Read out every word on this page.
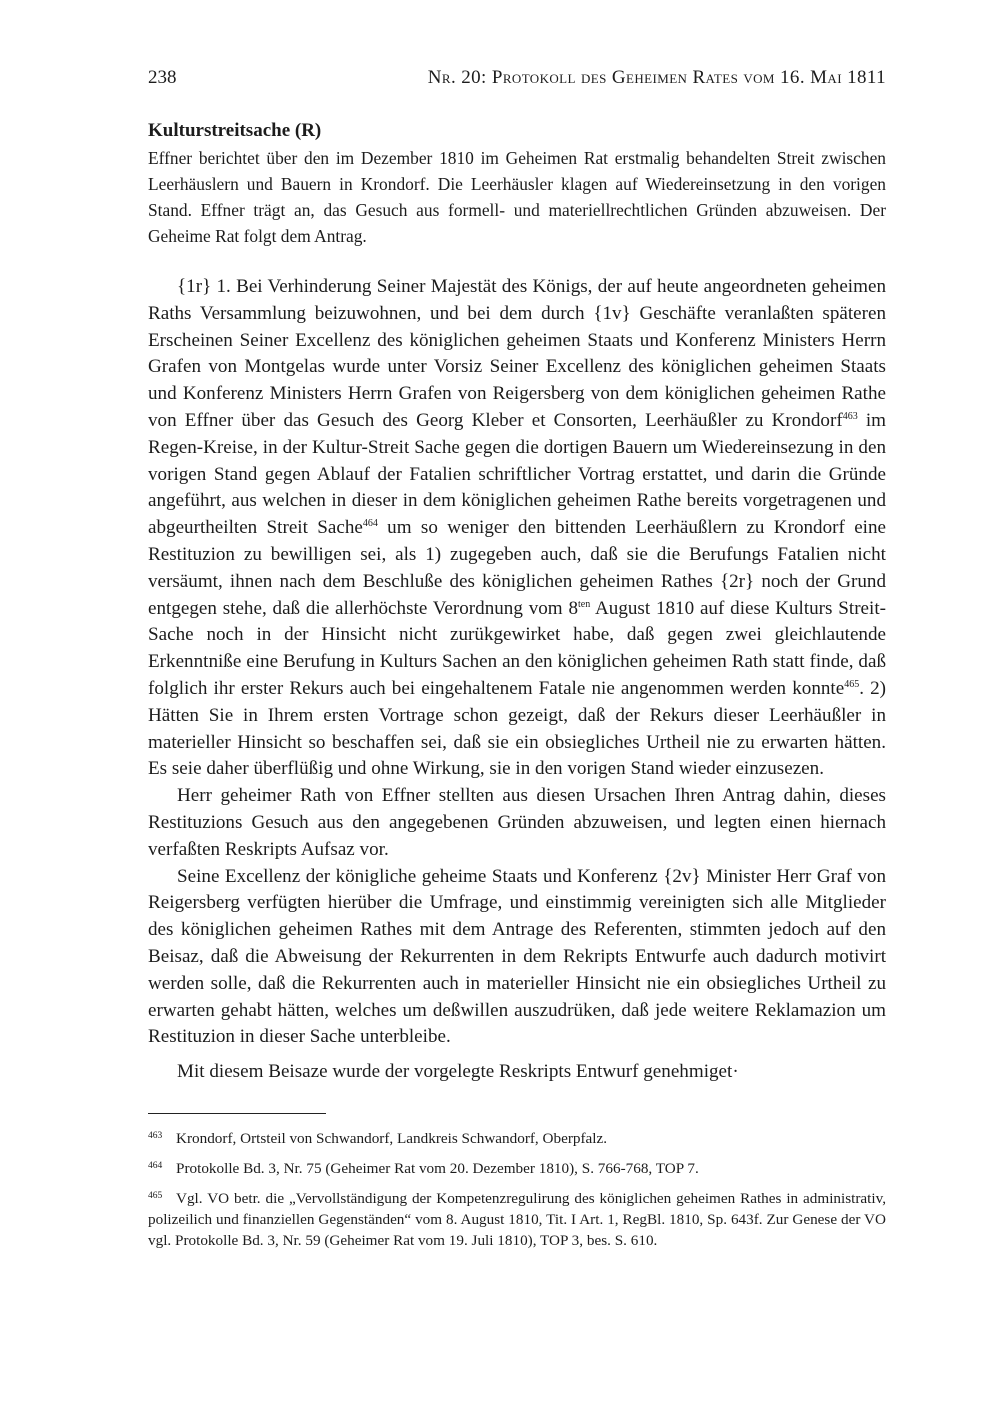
238	Nr. 20: Protokoll des Geheimen Rates vom 16. Mai 1811
Kulturstreitsache (R)

Effner berichtet über den im Dezember 1810 im Geheimen Rat erstmalig behandelten Streit zwischen Leerhäuslern und Bauern in Krondorf. Die Leerhäusler klagen auf Wiedereinsetzung in den vorigen Stand. Effner trägt an, das Gesuch aus formell- und materiellrechtlichen Gründen abzuweisen. Der Geheime Rat folgt dem Antrag.

{1r} 1. Bei Verhinderung Seiner Majestät des Königs, der auf heute angeordneten geheimen Raths Versammlung beizuwohnen, und bei dem durch {1v} Geschäfte veranlaßten späteren Erscheinen Seiner Excellenz des königlichen geheimen Staats und Konferenz Ministers Herrn Grafen von Montgelas wurde unter Vorsiz Seiner Excellenz des königlichen geheimen Staats und Konferenz Ministers Herrn Grafen von Reigersberg von dem königlichen geheimen Rathe von Effner über das Gesuch des Georg Kleber et Consorten, Leerhäußler zu Krondorf$^{463}$ im Regen-Kreise, in der Kultur-Streit Sache gegen die dortigen Bauern um Wiedereinsezung in den vorigen Stand gegen Ablauf der Fatalien schriftlicher Vortrag erstattet, und darin die Gründe angeführt, aus welchen in dieser in dem königlichen geheimen Rathe bereits vorgetragenen und abgeurtheilten Streit Sache$^{464}$ um so weniger den bittenden Leerhäußlern zu Krondorf eine Restituzion zu bewilligen sei, als 1) zugegeben auch, daß sie die Berufungs Fatalien nicht versäumt, ihnen nach dem Beschluße des königlichen geheimen Rathes {2r} noch der Grund entgegen stehe, daß die allerhöchste Verordnung vom $8^{ten}$ August 1810 auf diese Kulturs Streit-Sache noch in der Hinsicht nicht zurükgewirket habe, daß gegen zwei gleichlautende Erkenntniße eine Berufung in Kulturs Sachen an den königlichen geheimen Rath statt finde, daß folglich ihr erster Rekurs auch bei eingehaltenem Fatale nie angenommen werden konnte$^{465}$. 2) Hätten Sie in Ihrem ersten Vortrage schon gezeigt, daß der Rekurs dieser Leerhäußler in materieller Hinsicht so beschaffen sei, daß sie ein obsiegliches Urtheil nie zu erwarten hätten. Es seie daher überflüßig und ohne Wirkung, sie in den vorigen Stand wieder einzusezen.

Herr geheimer Rath von Effner stellten aus diesen Ursachen Ihren Antrag dahin, dieses Restituzions Gesuch aus den angegebenen Gründen abzuweisen, und legten einen hiernach verfaßten Reskripts Aufsaz vor.

Seine Excellenz der königliche geheime Staats und Konferenz {2v} Minister Herr Graf von Reigersberg verfügten hierüber die Umfrage, und einstimmig vereinigten sich alle Mitglieder des königlichen geheimen Rathes mit dem Antrage des Referenten, stimmten jedoch auf den Beisaz, daß die Abweisung der Rekurrenten in dem Rekripts Entwurfe auch dadurch motivirt werden solle, daß die Rekurrenten auch in materieller Hinsicht nie ein obsiegliches Urtheil zu erwarten gehabt hätten, welches um deßwillen auszudrüken, daß jede weitere Reklamazion um Restituzion in dieser Sache unterbleibe.

Mit diesem Beisaze wurde der vorgelegte Reskripts Entwurf genehmiget·

463 Krondorf, Ortsteil von Schwandorf, Landkreis Schwandorf, Oberpfalz.

464 Protokolle Bd. 3, Nr. 75 (Geheimer Rat vom 20. Dezember 1810), S. 766-768, TOP 7.

465 Vgl. VO betr. die „Vervollständigung der Kompetenzregulirung des königlichen geheimen Rathes in administrativ, polizeilich und finanziellen Gegenständen“ vom 8. August 1810, Tit. I Art. 1, RegBl. 1810, Sp. 643f. Zur Genese der VO vgl. Protokolle Bd. 3, Nr. 59 (Geheimer Rat vom 19. Juli 1810), TOP 3, bes. S. 610.
